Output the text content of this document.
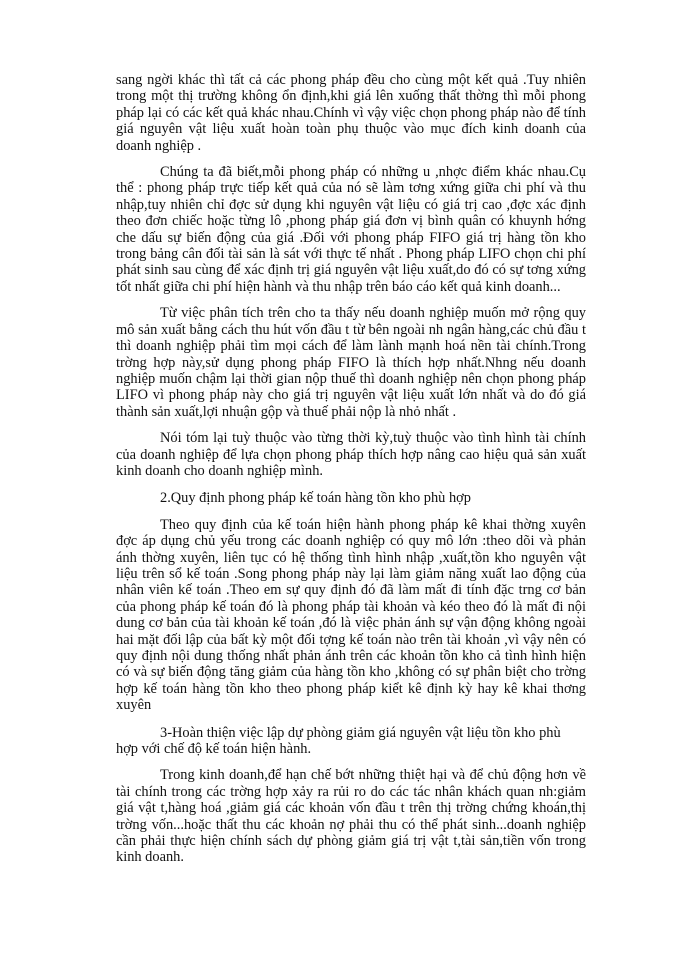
sang ngời khác thì tất cả các phong pháp đều cho cùng một kết quả .Tuy nhiên trong một thị trường không ổn định,khi giá lên xuống thất thờng thì mỗi phong pháp lại có các kết quả khác nhau.Chính vì vậy việc chọn phong pháp nào để tính giá nguyên vật liệu xuất hoàn toàn phụ thuộc vào mục đích kinh doanh của doanh nghiệp .

Chúng ta đã biết,mỗi phong pháp có những u ,nhợc điểm khác nhau.Cụ thể : phong pháp trực tiếp kết quả của nó sẽ làm tơng xứng giữa chi phí và thu nhập,tuy nhiên chỉ đợc sử dụng khi nguyên vật liệu có giá trị cao ,đợc xác định theo đơn chiếc hoặc từng lô ,phong pháp giá đơn vị bình quân có khuynh hớng che dấu sự biến động của giá .Đối với phong pháp FIFO giá trị hàng tồn kho trong bảng cân đối tài sản là sát với thực tế nhất . Phong pháp LIFO chọn chi phí phát sinh sau cùng để xác định trị giá nguyên vật liệu xuất,do đó có sự tơng xứng tốt nhất giữa chi phí hiện hành và thu nhập trên báo cáo kết quả kinh doanh...

Từ việc phân tích trên cho ta thấy nếu doanh nghiệp muốn mở rộng quy mô sản xuất bằng cách thu hút vốn đầu t từ bên ngoài nh ngân hàng,các chủ đầu t thì doanh nghiệp phải tìm mọi cách để làm lành mạnh hoá nền tài chính.Trong trờng hợp này,sử dụng phong pháp FIFO là thích hợp nhất.Nhng nếu doanh nghiệp muốn chậm lại thời gian nộp thuế thì doanh nghiệp nên chọn phong pháp LIFO vì phong pháp này cho giá trị nguyên vật liệu xuất lớn nhất và do đó giá thành sản xuất,lợi nhuận gộp và thuế phải nộp là nhỏ nhất .

Nói tóm lại tuỳ thuộc vào từng thời kỳ,tuỳ thuộc vào tình hình tài chính của doanh nghiệp để lựa chọn phong pháp thích hợp nâng cao hiệu quả sản xuất kinh doanh cho doanh nghiệp mình.

2.Quy định phong pháp kế toán hàng tồn kho phù hợp

Theo quy định của kế toán hiện hành phong pháp kê khai thờng xuyên đợc áp dụng chủ yếu trong các doanh nghiệp có quy mô lớn :theo dõi và phản ánh thờng xuyên, liên tục có hệ thống tình hình nhập ,xuất,tồn kho nguyên vật liệu trên sổ kế toán .Song phong pháp này lại làm giảm năng xuất lao động của nhân viên kế toán .Theo em sự quy định đó đã làm mất đi tính đặc trng cơ bản của phong pháp kế toán đó là phong pháp tài khoản và kéo theo đó là mất đi nội dung cơ bản của tài khoản kế toán ,đó là việc phản ánh sự vận động không ngoài hai mặt đối lập của bất kỳ một đối tợng kế toán nào trên tài khoản ,vì vậy nên có quy định nội dung thống nhất phản ánh trên các khoản tồn kho cả tình hình hiện có và sự biến động tăng giảm của hàng tồn kho ,không có sự phân biệt cho trờng hợp kế toán hàng tồn kho theo phong pháp kiểt kê định kỳ hay kê khai thơng xuyên

3-Hoàn thiện việc lập dự phòng giảm giá nguyên vật liệu tồn kho phù hợp với chế độ kế toán hiện hành.

Trong kinh doanh,để hạn chế bớt những thiệt hại và để chủ động hơn về tài chính trong các trờng hợp xảy ra rủi ro do các tác nhân khách quan nh:giảm giá vật t,hàng hoá ,giảm giá các khoản vốn đầu t trên thị trờng chứng khoán,thị trờng vốn...hoặc thất thu các khoản nợ phải thu có thể phát sinh...doanh nghiệp cần phải thực hiện chính sách dự phòng giảm giá trị vật t,tài sản,tiền vốn trong kinh doanh.
